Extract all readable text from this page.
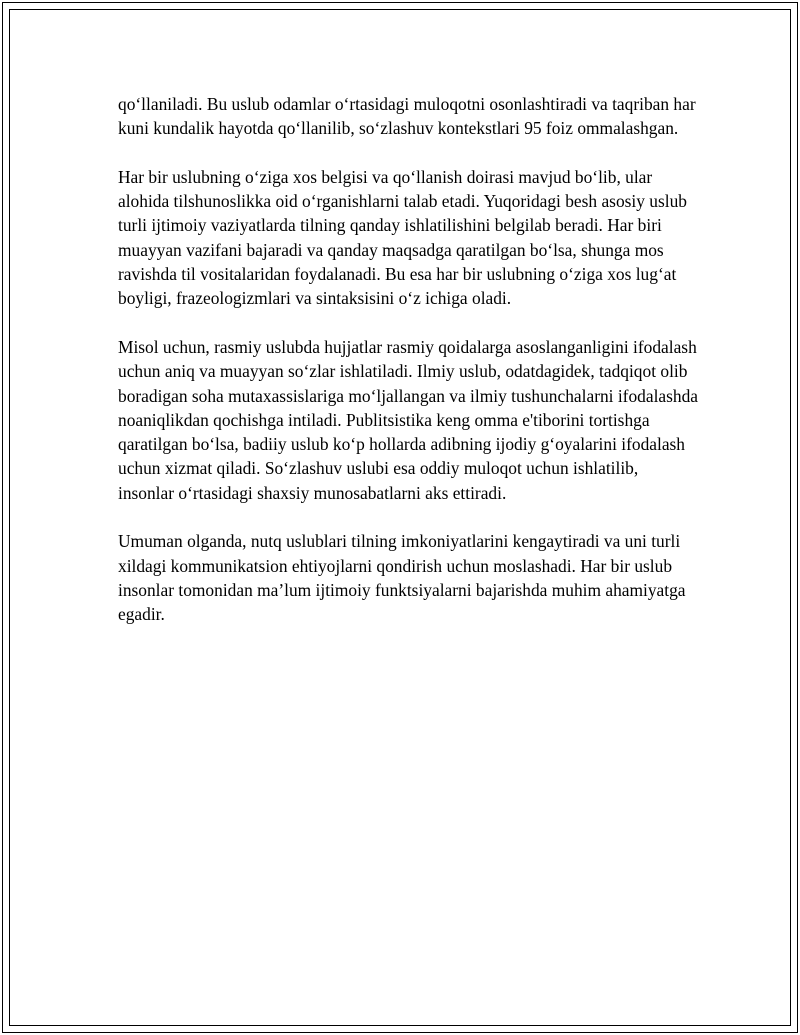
qo‘llaniladi. Bu uslub odamlar o‘rtasidagi muloqotni osonlashtiradi va taqriban har kuni kundalik hayotda qo‘llanilib, so‘zlashuv kontekstlari 95 foiz ommalashgan.

Har bir uslubning o‘ziga xos belgisi va qo‘llanish doirasi mavjud bo‘lib, ular alohida tilshunoslikka oid o‘rganishlarni talab etadi. Yuqoridagi besh asosiy uslub turli ijtimoiy vaziyatlarda tilning qanday ishlatilishini belgilab beradi. Har biri muayyan vazifani bajaradi va qanday maqsadga qaratilgan bo‘lsa, shunga mos ravishda til vositalaridan foydalanadi. Bu esa har bir uslubning o‘ziga xos lug‘at boyligi, frazeologizmlari va sintaksisini o‘z ichiga oladi.

Misol uchun, rasmiy uslubda hujjatlar rasmiy qoidalarga asoslanganligini ifodalash uchun aniq va muayyan so‘zlar ishlatiladi. Ilmiy uslub, odatdagidek, tadqiqot olib boradigan soha mutaxassislariga mo‘ljallangan va ilmiy tushunchalarni ifodalashda noaniqlikdan qochishga intiladi. Publitsistika keng omma e'tiborini tortishga qaratilgan bo‘lsa, badiiy uslub ko‘p hollarda adibning ijodiy g‘oyalarini ifodalash uchun xizmat qiladi. So‘zlashuv uslubi esa oddiy muloqot uchun ishlatilib, insonlar o‘rtasidagi shaxsiy munosabatlarni aks ettiradi.

Umuman olganda, nutq uslublari tilning imkoniyatlarini kengaytiradi va uni turli xildagi kommunikatsion ehtiyojlarni qondirish uchun moslashadi. Har bir uslub insonlar tomonidan ma’lum ijtimoiy funktsiyalarni bajarishda muhim ahamiyatga egadir.
